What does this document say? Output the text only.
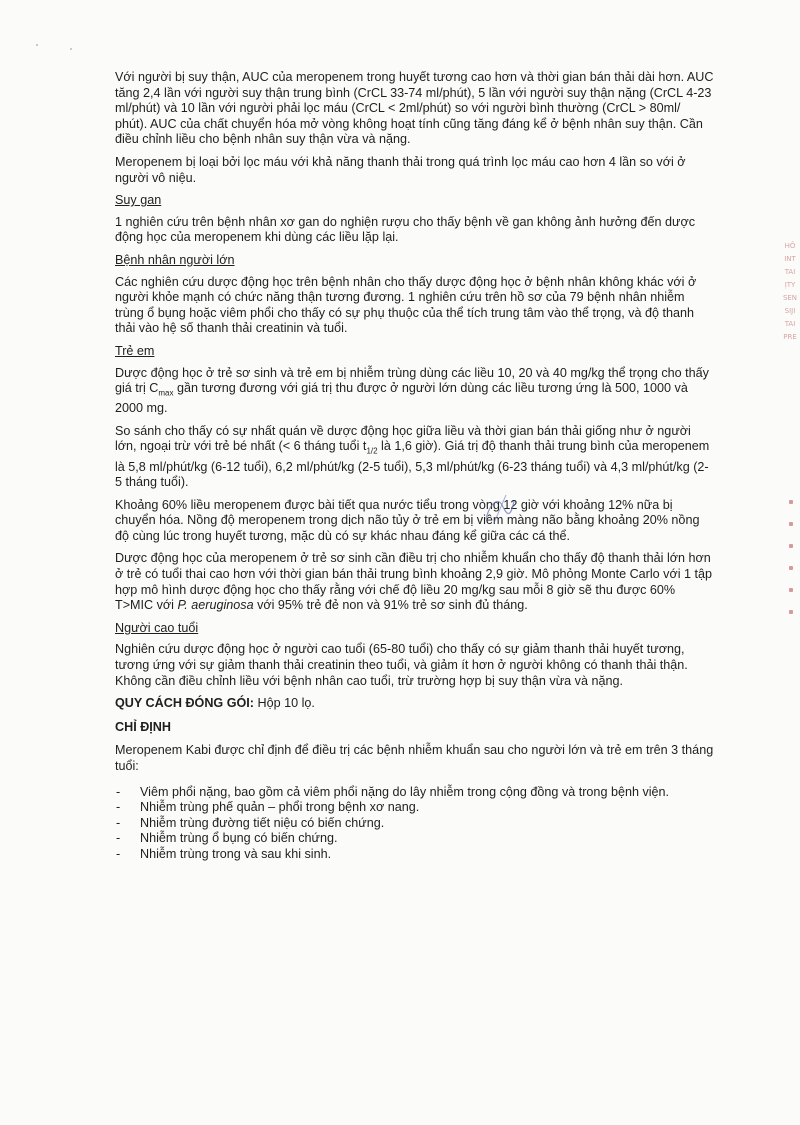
Với người bị suy thận, AUC của meropenem trong huyết tương cao hơn và thời gian bán thải dài hơn. AUC tăng 2,4 lần với người suy thận trung bình (CrCL 33-74 ml/phút), 5 lần với người suy thận nặng (CrCL 4-23 ml/phút) và 10 lần với người phải lọc máu (CrCL < 2ml/phút) so với người bình thường (CrCL > 80ml/ phút). AUC của chất chuyển hóa mở vòng không hoạt tính cũng tăng đáng kể ở bệnh nhân suy thận. Cần điều chỉnh liều cho bệnh nhân suy thận vừa và nặng.

Meropenem bị loại bởi lọc máu với khả năng thanh thải trong quá trình lọc máu cao hơn 4 lần so với ở người vô niệu.

Suy gan

1 nghiên cứu trên bệnh nhân xơ gan do nghiện rượu cho thấy bệnh về gan không ảnh hưởng đến dược động học của meropenem khi dùng các liều lặp lại.

Bệnh nhân người lớn

Các nghiên cứu dược động học trên bệnh nhân cho thấy dược động học ở bệnh nhân không khác với ở người khỏe mạnh có chức năng thận tương đương. 1 nghiên cứu trên hồ sơ của 79 bệnh nhân nhiễm trùng ổ bụng hoặc viêm phổi cho thấy có sự phụ thuộc của thể tích trung tâm vào thể trọng, và độ thanh thải vào hệ số thanh thải creatinin và tuổi.

Trẻ em

Dược động học ở trẻ sơ sinh và trẻ em bị nhiễm trùng dùng các liều 10, 20 và 40 mg/kg thể trọng cho thấy giá trị $C_{max}$ gần tương đương với giá trị thu được ở người lớn dùng các liều tương ứng là 500, 1000 và 2000 mg.

So sánh cho thấy có sự nhất quán về dược động học giữa liều và thời gian bán thải giống như ở người lớn, ngoại trừ với trẻ bé nhất (< 6 tháng tuổi $t_{1/2}$ là 1,6 giờ). Giá trị độ thanh thải trung bình của meropenem là 5,8 ml/phút/kg (6-12 tuổi), 6,2 ml/phút/kg (2-5 tuổi), 5,3 ml/phút/kg (6-23 tháng tuổi) và 4,3 ml/phút/kg (2-5 tháng tuổi).

Khoảng 60% liều meropenem được bài tiết qua nước tiểu trong vòng 12 giờ với khoảng 12% nữa bị chuyển hóa. Nồng độ meropenem trong dịch não tủy ở trẻ em bị viêm màng não bằng khoảng 20% nồng độ cùng lúc trong huyết tương, mặc dù có sự khác nhau đáng kể giữa các cá thể.

Dược động học của meropenem ở trẻ sơ sinh cần điều trị cho nhiễm khuẩn cho thấy độ thanh thải lớn hơn ở trẻ có tuổi thai cao hơn với thời gian bán thải trung bình khoảng 2,9 giờ. Mô phỏng Monte Carlo với 1 tập hợp mô hình dược động học cho thấy rằng với chế độ liều 20 mg/kg sau mỗi 8 giờ sẽ thu được 60% T>MIC với P. aeruginosa với 95% trẻ đẻ non và 91% trẻ sơ sinh đủ tháng.

Người cao tuổi

Nghiên cứu dược động học ở người cao tuổi (65-80 tuổi) cho thấy có sự giảm thanh thải huyết tương, tương ứng với sự giảm thanh thải creatinin theo tuổi, và giảm ít hơn ở người không có thanh thải thận. Không cần điều chỉnh liều với bệnh nhân cao tuổi, trừ trường hợp bị suy thận vừa và nặng.

QUY CÁCH ĐÓNG GÓI: Hộp 10 lọ.

CHỈ ĐỊNH

Meropenem Kabi được chỉ định để điều trị các bệnh nhiễm khuẩn sau cho người lớn và trẻ em trên 3 tháng tuổi:

- Viêm phổi nặng, bao gồm cả viêm phổi nặng do lây nhiễm trong cộng đồng và trong bệnh viện.
- Nhiễm trùng phế quản – phổi trong bệnh xơ nang.
- Nhiễm trùng đường tiết niệu có biến chứng.
- Nhiễm trùng ổ bụng có biến chứng.
- Nhiễm trùng trong và sau khi sinh.
HÔ
INT
TAI
ỊTY
SEN
SIJI
TAI
PRE
